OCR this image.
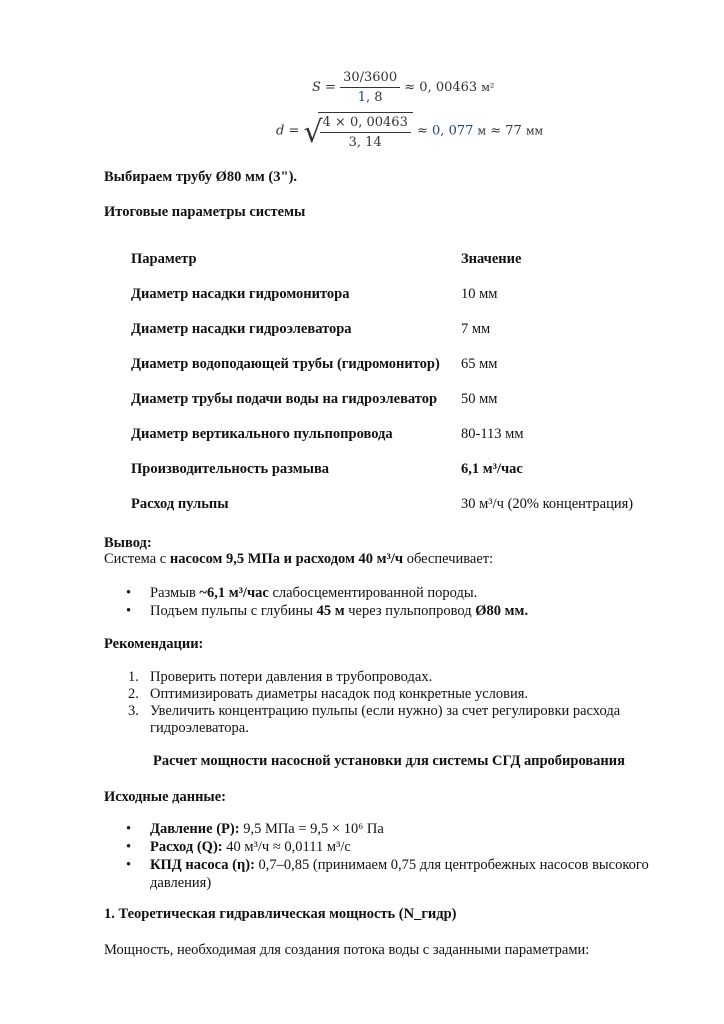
$S = \frac{30/3600}{1, 8} \approx 0$, 00463 м²
d = √
$\frac{4 \times 0, 00463}{3, 14} \approx 0$, 077 м ≈ 77 мм
Выбираем трубу Ø80 мм (3").
Итоговые параметры системы
Параметр	Значение
Диаметр насадки гидромонитора	10 мм
Диаметр насадки гидроэлеватора	7 мм
Диаметр водоподающей трубы (гидромонитор)	65 мм
Диаметр трубы подачи воды на гидроэлеватор	50 мм
Диаметр вертикального пульпопровода	80-113 мм
Производительность размыва	6,1 м³/час
Расход пульпы	30 м³/ч (20% концентрация)
Вывод:
Система с насосом 9,5 МПа и расходом 40 м³/ч обеспечивает:
• Размыв ~6,1 м³/час слабосцементированной породы.
• Подъем пульпы с глубины 45 м через пульпопровод Ø80 мм.
Рекомендации:
1. Проверить потери давления в трубопроводах.
2. Оптимизировать диаметры насадок под конкретные условия.
3. Увеличить концентрацию пульпы (если нужно) за счет регулировки расхода гидроэлеватора.
Расчет мощности насосной установки для системы СГД апробирования
Исходные данные:
• Давление (P): 9,5 МПа = 9,5 × 10⁶ Па
• Расход (Q): 40 м³/ч ≈ 0,0111 м³/с
• КПД насоса (η): 0,7–0,85 (принимаем 0,75 для центробежных насосов высокого давления)
1. Теоретическая гидравлическая мощность (N_гидр)
Мощность, необходимая для создания потока воды с заданными параметрами:
